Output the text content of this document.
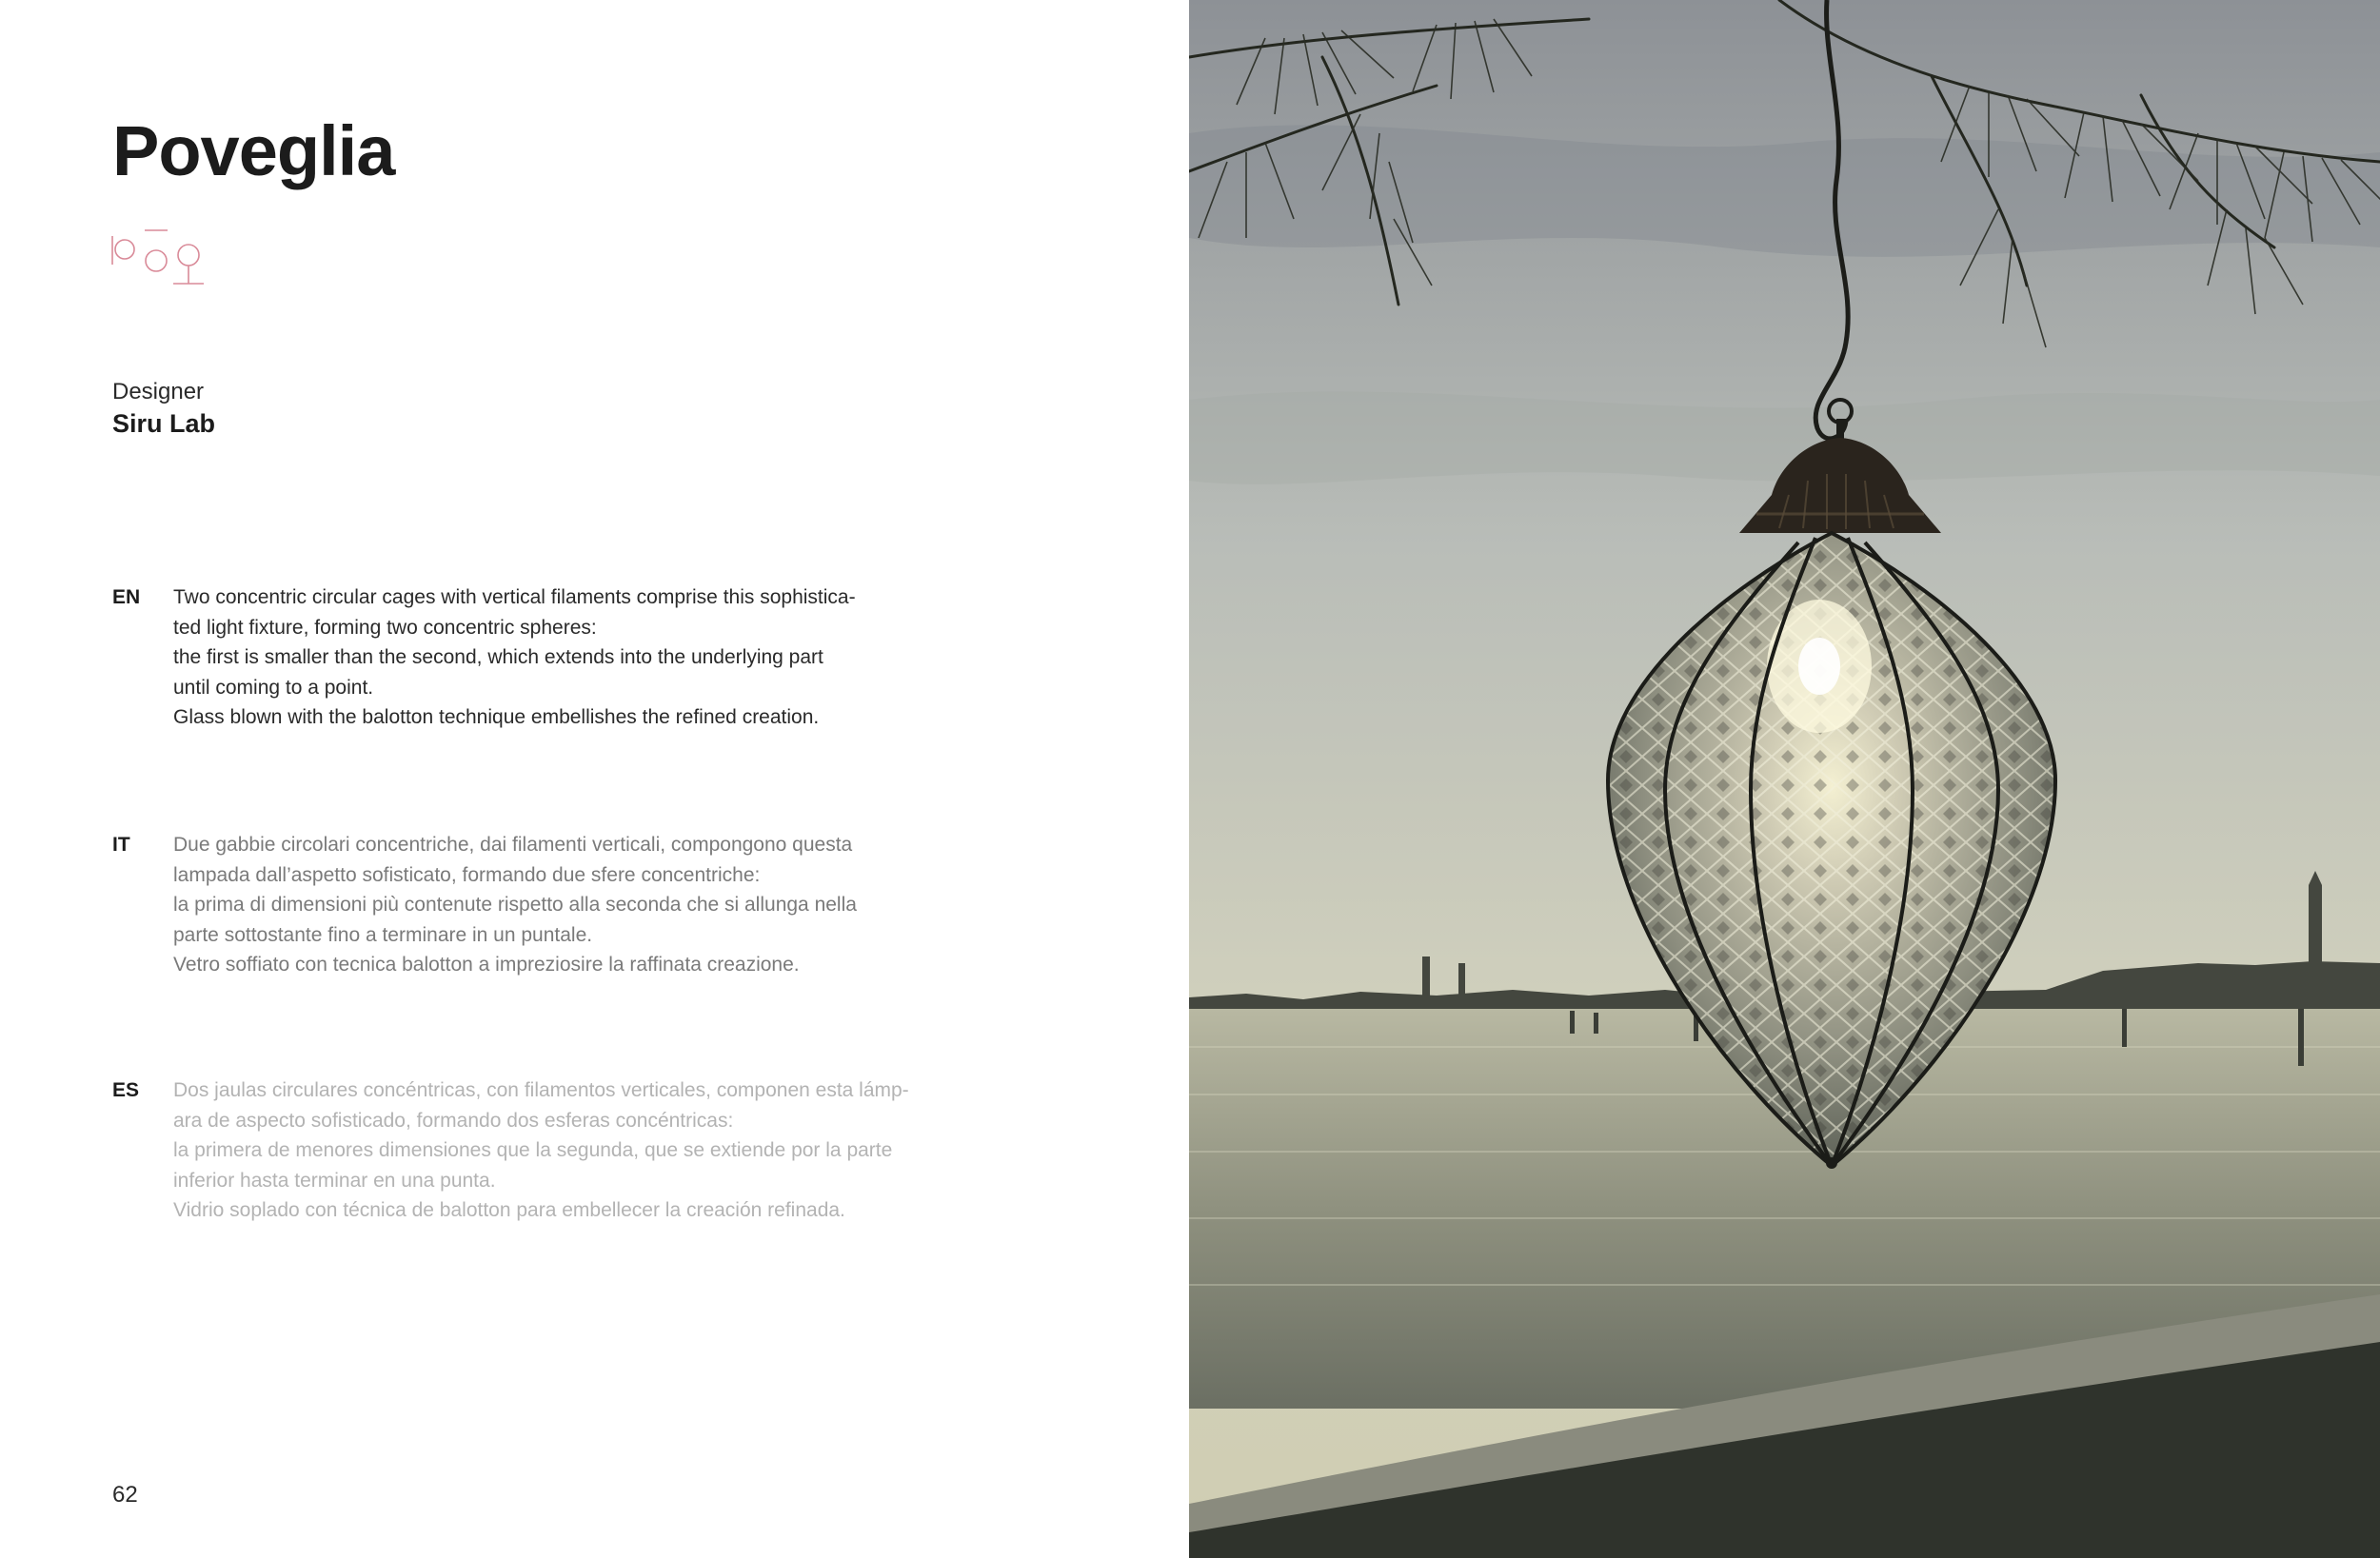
Poveglia
Designer
Siru Lab
EN Two concentric circular cages with vertical filaments comprise this sophistica-
ted light fixture, forming two concentric spheres:
the first is smaller than the second, which extends into the underlying part
until coming to a point.
Glass blown with the balotton technique embellishes the refined creation.
IT Due gabbie circolari concentriche, dai filamenti verticali, compongono questa
lampada dall’aspetto sofisticato, formando due sfere concentriche:
la prima di dimensioni più contenute rispetto alla seconda che si allunga nella
parte sottostante fino a terminare in un puntale.
Vetro soffiato con tecnica balotton a impreziosire la raffinata creazione.
ES Dos jaulas circulares concéntricas, con filamentos verticales, componen esta lámp-
ara de aspecto sofisticado, formando dos esferas concéntricas:
la primera de menores dimensiones que la segunda, que se extiende por la parte
inferior hasta terminar en una punta.
Vidrio soplado con técnica de balotton para embellecer la creación refinada.
62
